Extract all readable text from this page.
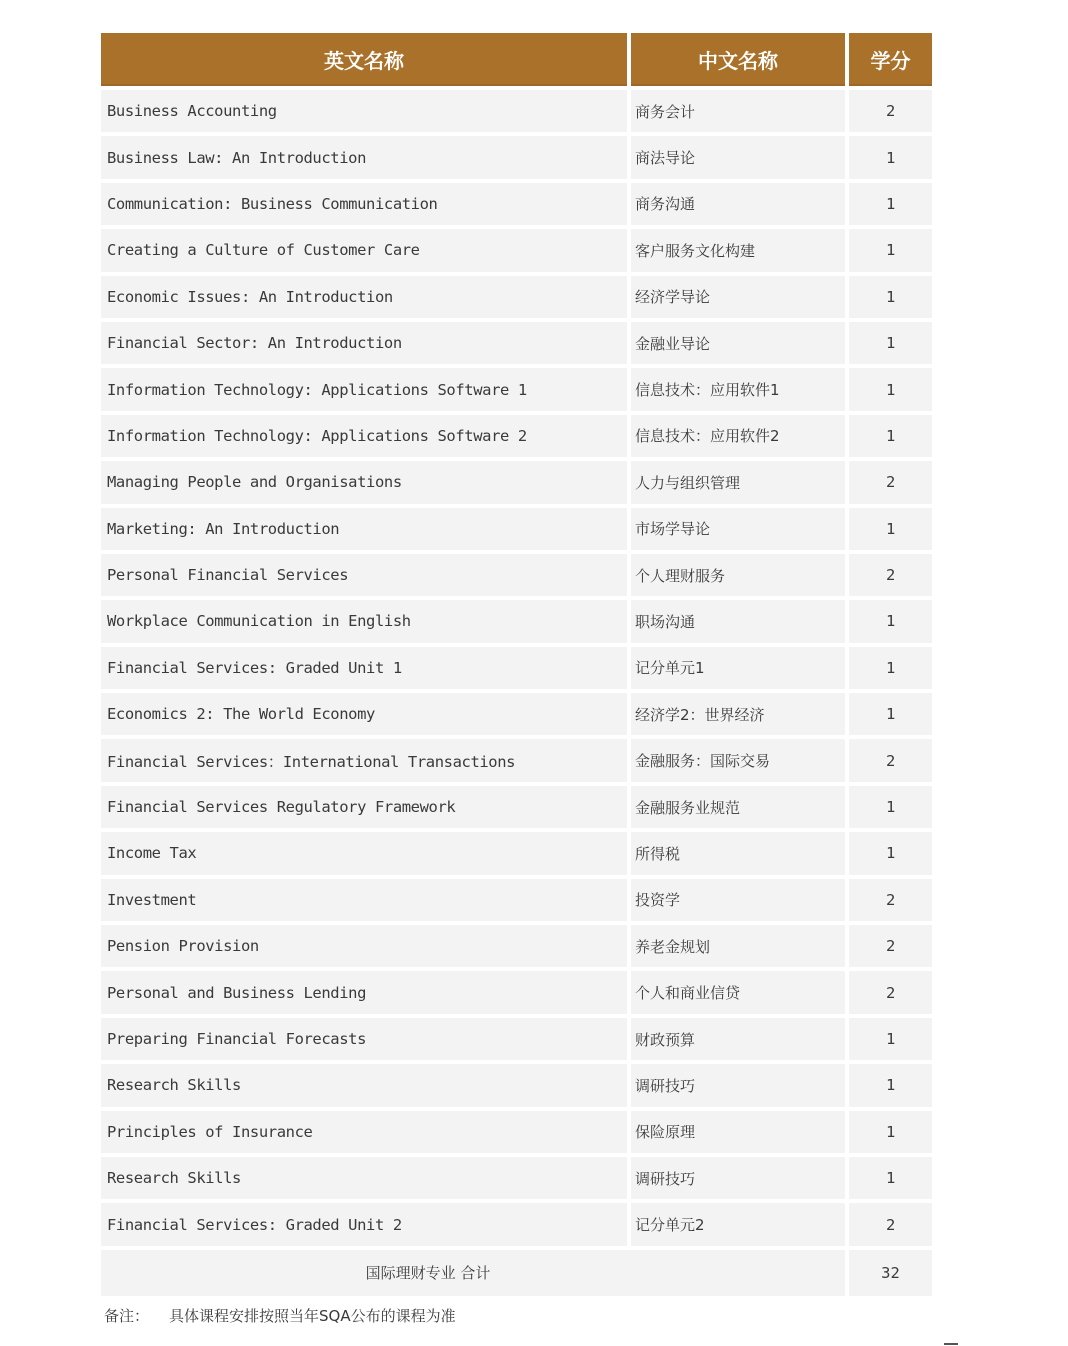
英文名称	中文名称	学分
Business Accounting	商务会计	2
Business Law: An Introduction	商法导论	1
Communication: Business Communication	商务沟通	1
Creating a Culture of Customer Care	客户服务文化构建	1
Economic Issues: An Introduction	经济学导论	1
Financial Sector: An Introduction	金融业导论	1
Information Technology: Applications Software 1	信息技术：应用软件1	1
Information Technology: Applications Software 2	信息技术：应用软件2	1
Managing People and Organisations	人力与组织管理	2
Marketing: An Introduction	市场学导论	1
Personal Financial Services	个人理财服务	2
Workplace Communication in English	职场沟通	1
Financial Services: Graded Unit 1	记分单元1	1
Economics 2: The World Economy	经济学2：世界经济	1
Financial Services：International Transactions	金融服务：国际交易	2
Financial Services Regulatory Framework	金融服务业规范	1
Income Tax	所得税	1
Investment	投资学	2
Pension Provision	养老金规划	2
Personal and Business Lending	个人和商业信贷	2
Preparing Financial Forecasts	财政预算	1
Research Skills	调研技巧	1
Principles of Insurance	保险原理	1
Research Skills	调研技巧	1
Financial Services: Graded Unit 2	记分单元2	2
国际理财专业 合计	32
备注： 具体课程安排按照当年SQA公布的课程为准
